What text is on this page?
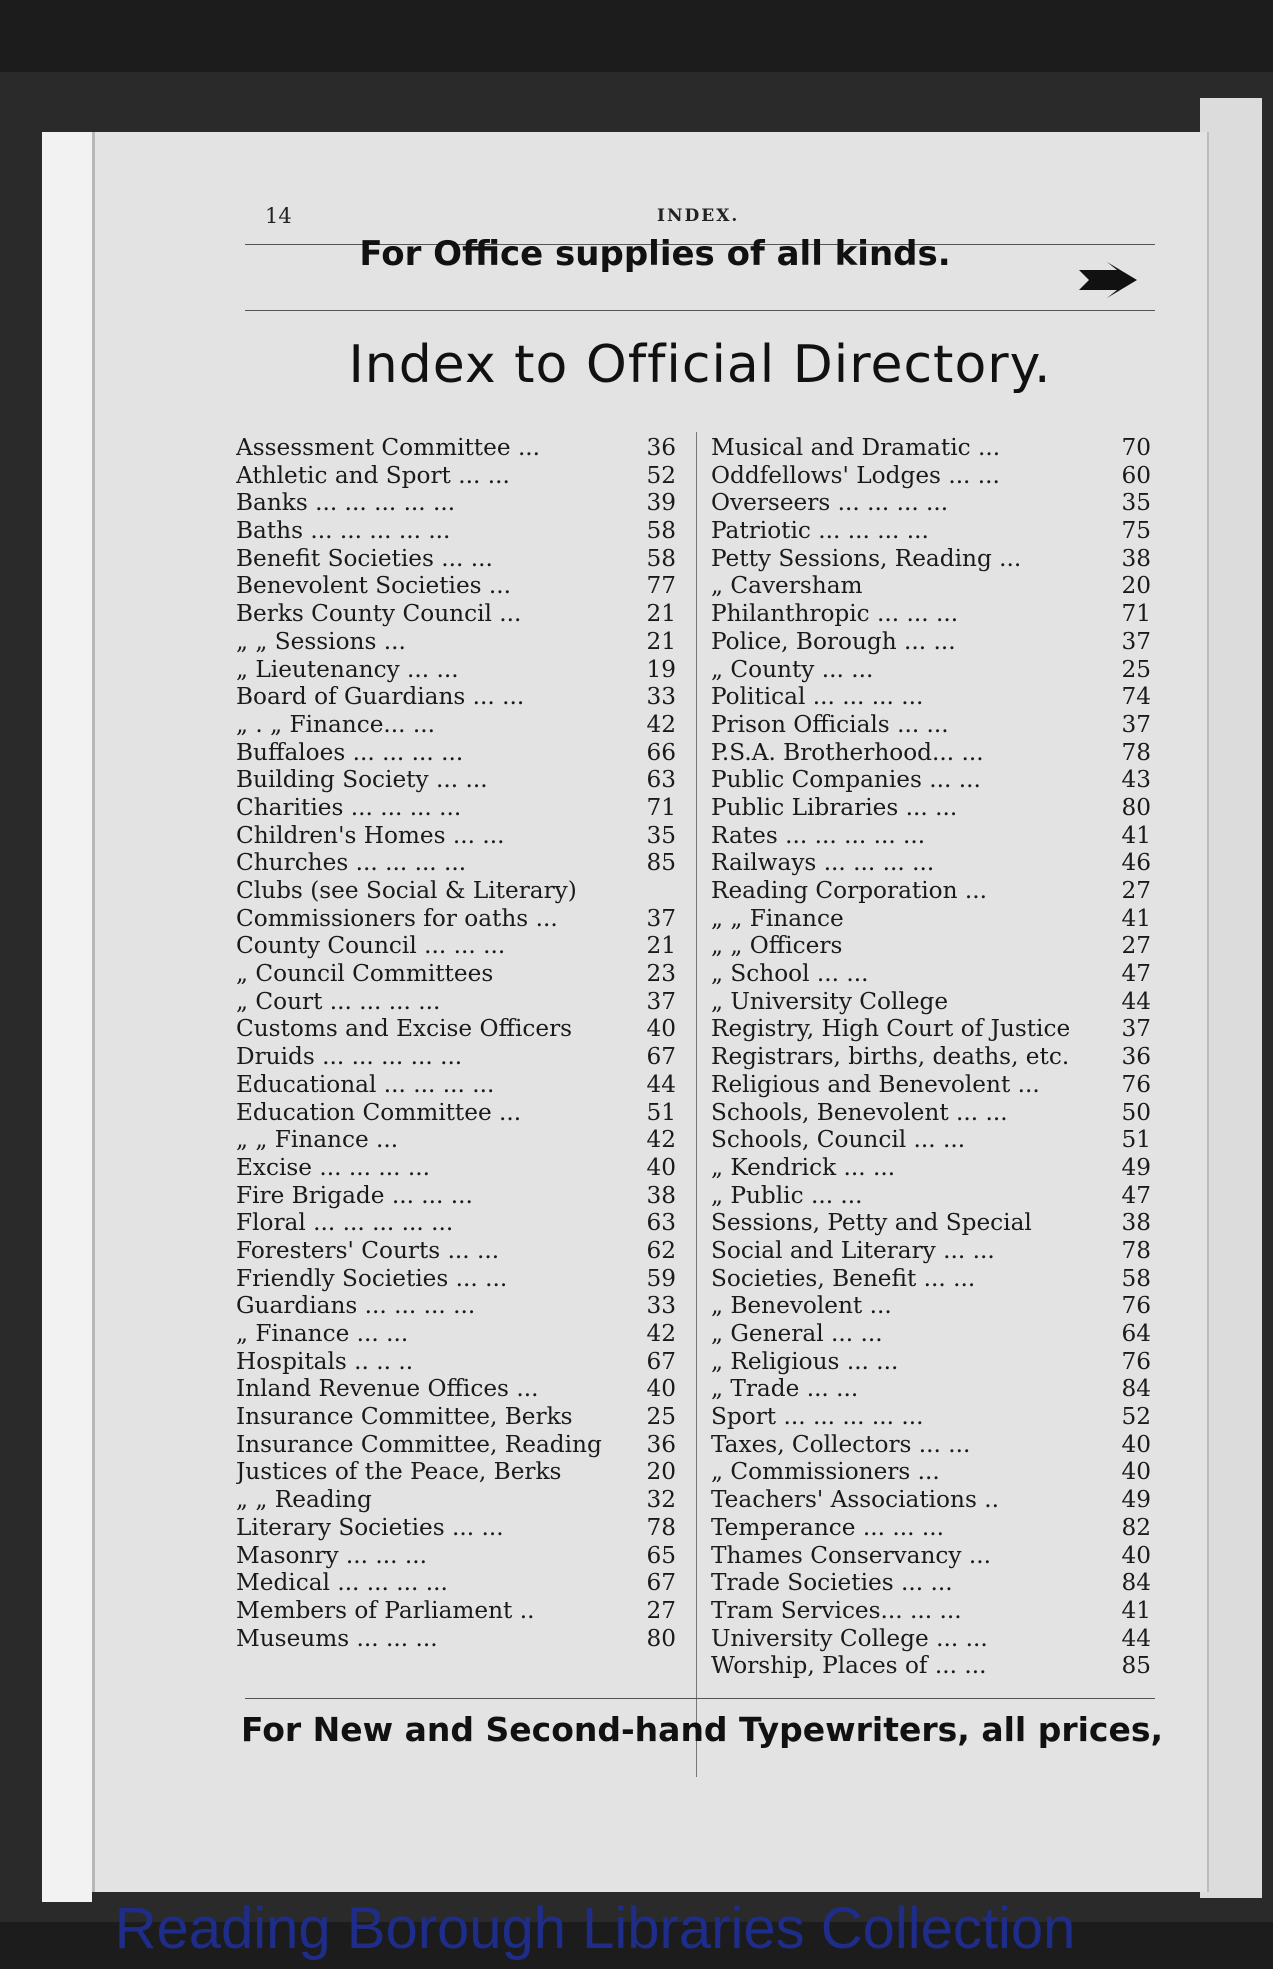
14	INDEX.
For Office supplies of all kinds.
Index to Official Directory.
Assessment Committee ...	36
Athletic and Sport ... ...	52
Banks ... ... ... ... ...	39
Baths ... ... ... ... ...	58
Benefit Societies ... ...	58
Benevolent Societies ...	77
Berks County Council ...	21
„ „ Sessions ...	21
„ Lieutenancy ... ...	19
Board of Guardians ... ...	33
„ . „ Finance... ...	42
Buffaloes ... ... ... ...	66
Building Society ... ...	63
Charities ... ... ... ...	71
Children's Homes ... ...	35
Churches ... ... ... ...	85
Clubs (see Social & Literary)
Commissioners for oaths ...	37
County Council ... ... ...	21
„ Council Committees	23
„ Court ... ... ... ...	37
Customs and Excise Officers	40
Druids ... ... ... ... ...	67
Educational ... ... ... ...	44
Education Committee ...	51
„ „ Finance ...	42
Excise ... ... ... ...	40
Fire Brigade ... ... ...	38
Floral ... ... ... ... ...	63
Foresters' Courts ... ...	62
Friendly Societies ... ...	59
Guardians ... ... ... ...	33
„ Finance ... ...	42
Hospitals .. .. ..	67
Inland Revenue Offices ...	40
Insurance Committee, Berks	25
Insurance Committee, Reading	36
Justices of the Peace, Berks	20
„ „ Reading	32
Literary Societies ... ...	78
Masonry ... ... ...	65
Medical ... ... ... ...	67
Members of Parliament ..	27
Museums ... ... ...	80
Musical and Dramatic ...	70
Oddfellows' Lodges ... ...	60
Overseers ... ... ... ...	35
Patriotic ... ... ... ...	75
Petty Sessions, Reading ...	38
„ Caversham	20
Philanthropic ... ... ...	71
Police, Borough ... ...	37
„ County ... ...	25
Political ... ... ... ...	74
Prison Officials ... ...	37
P.S.A. Brotherhood... ...	78
Public Companies ... ...	43
Public Libraries ... ...	80
Rates ... ... ... ... ...	41
Railways ... ... ... ...	46
Reading Corporation ...	27
„ „ Finance	41
„ „ Officers	27
„ School ... ...	47
„ University College	44
Registry, High Court of Justice	37
Registrars, births, deaths, etc.	36
Religious and Benevolent ...	76
Schools, Benevolent ... ...	50
Schools, Council ... ...	51
„ Kendrick ... ...	49
„ Public ... ...	47
Sessions, Petty and Special	38
Social and Literary ... ...	78
Societies, Benefit ... ...	58
„ Benevolent ...	76
„ General ... ...	64
„ Religious ... ...	76
„ Trade ... ...	84
Sport ... ... ... ... ...	52
Taxes, Collectors ... ...	40
„ Commissioners ...	40
Teachers' Associations ..	49
Temperance ... ... ...	82
Thames Conservancy ...	40
Trade Societies ... ...	84
Tram Services... ... ...	41
University College ... ...	44
Worship, Places of ... ...	85
For New and Second-hand Typewriters, all prices,
Reading Borough Libraries Collection
